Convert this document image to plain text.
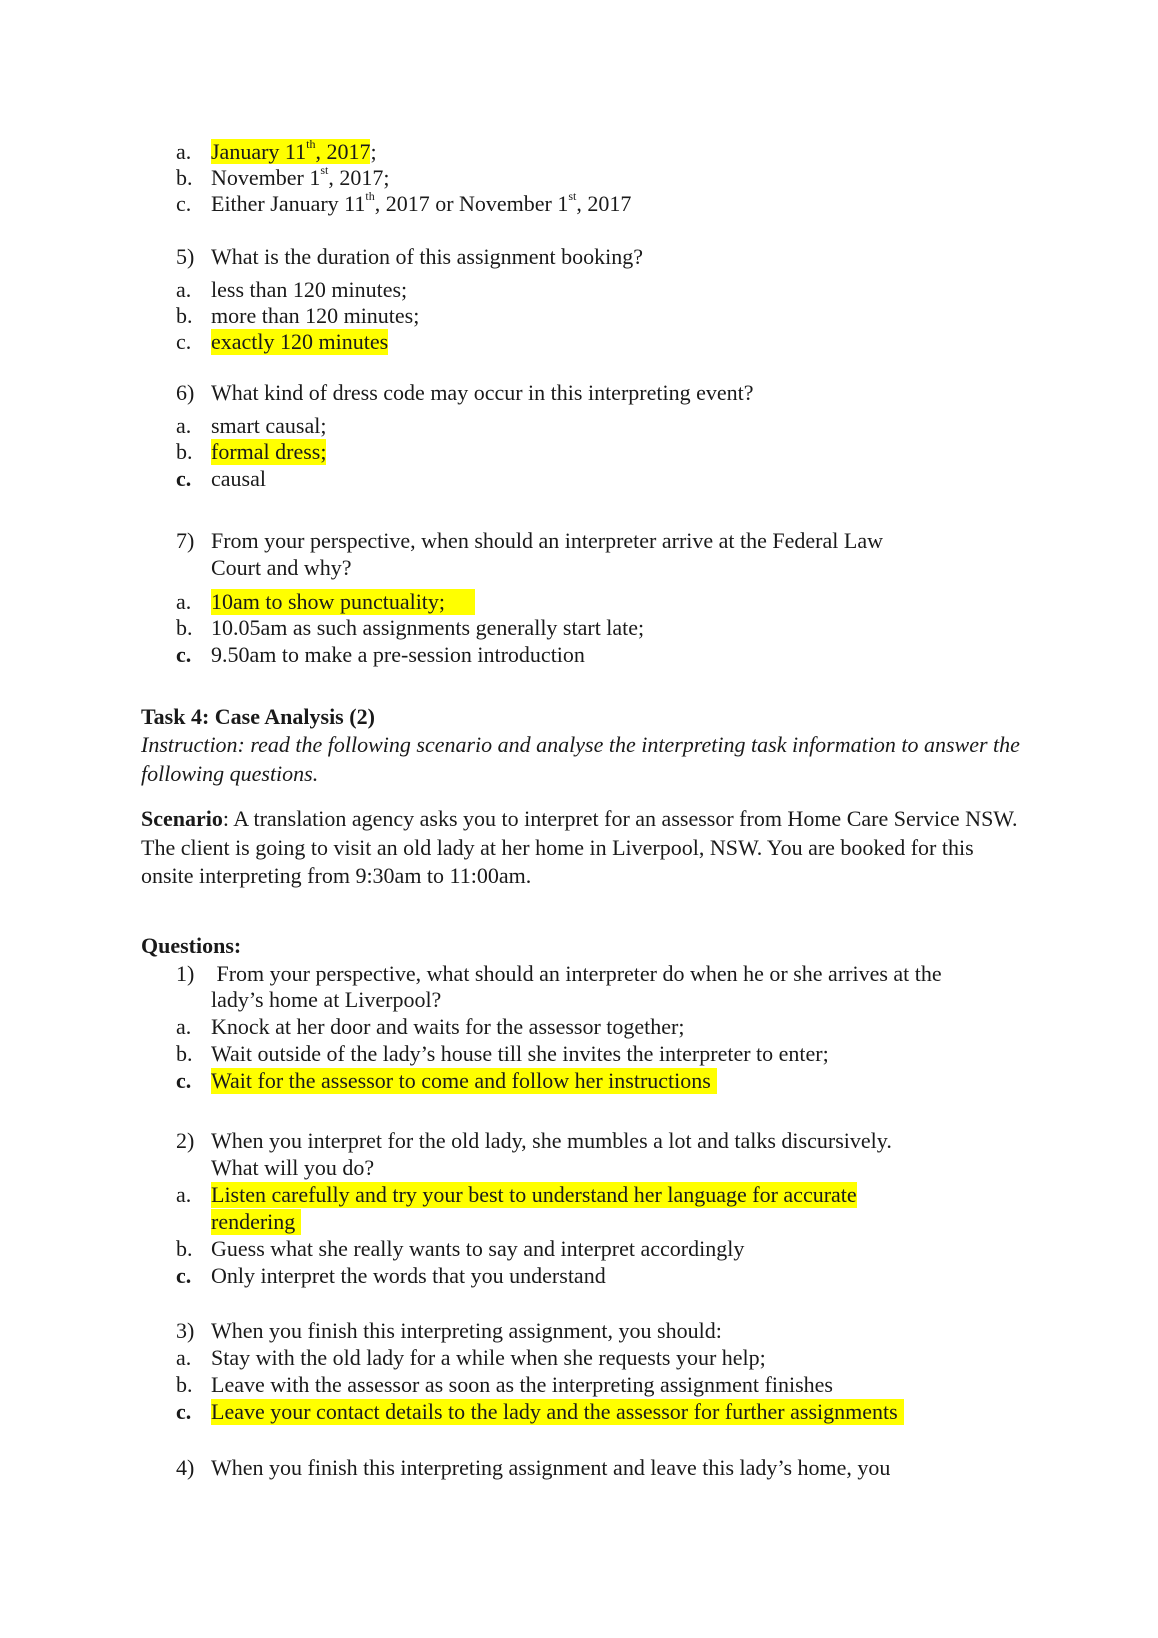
a. January 11th, 2017;
b. November 1st, 2017;
c. Either January 11th, 2017 or November 1st, 2017
5) What is the duration of this assignment booking?
a. less than 120 minutes;
b. more than 120 minutes;
c. exactly 120 minutes
6) What kind of dress code may occur in this interpreting event?
a. smart causal;
b. formal dress;
c. causal
7) From your perspective, when should an interpreter arrive at the Federal Law
Court and why?
a. 10am to show punctuality;
b. 10.05am as such assignments generally start late;
c. 9.50am to make a pre-session introduction
Task 4: Case Analysis (2)
Instruction: read the following scenario and analyse the interpreting task information to answer the following questions.
Scenario: A translation agency asks you to interpret for an assessor from Home Care Service NSW. The client is going to visit an old lady at her home in Liverpool, NSW. You are booked for this onsite interpreting from 9:30am to 11:00am.
Questions:
1) From your perspective, what should an interpreter do when he or she arrives at the
lady’s home at Liverpool?
a. Knock at her door and waits for the assessor together;
b. Wait outside of the lady’s house till she invites the interpreter to enter;
c. Wait for the assessor to come and follow her instructions
2) When you interpret for the old lady, she mumbles a lot and talks discursively.
What will you do?
a. Listen carefully and try your best to understand her language for accurate
rendering
b. Guess what she really wants to say and interpret accordingly
c. Only interpret the words that you understand
3) When you finish this interpreting assignment, you should:
a. Stay with the old lady for a while when she requests your help;
b. Leave with the assessor as soon as the interpreting assignment finishes
c. Leave your contact details to the lady and the assessor for further assignments
4) When you finish this interpreting assignment and leave this lady’s home, you
